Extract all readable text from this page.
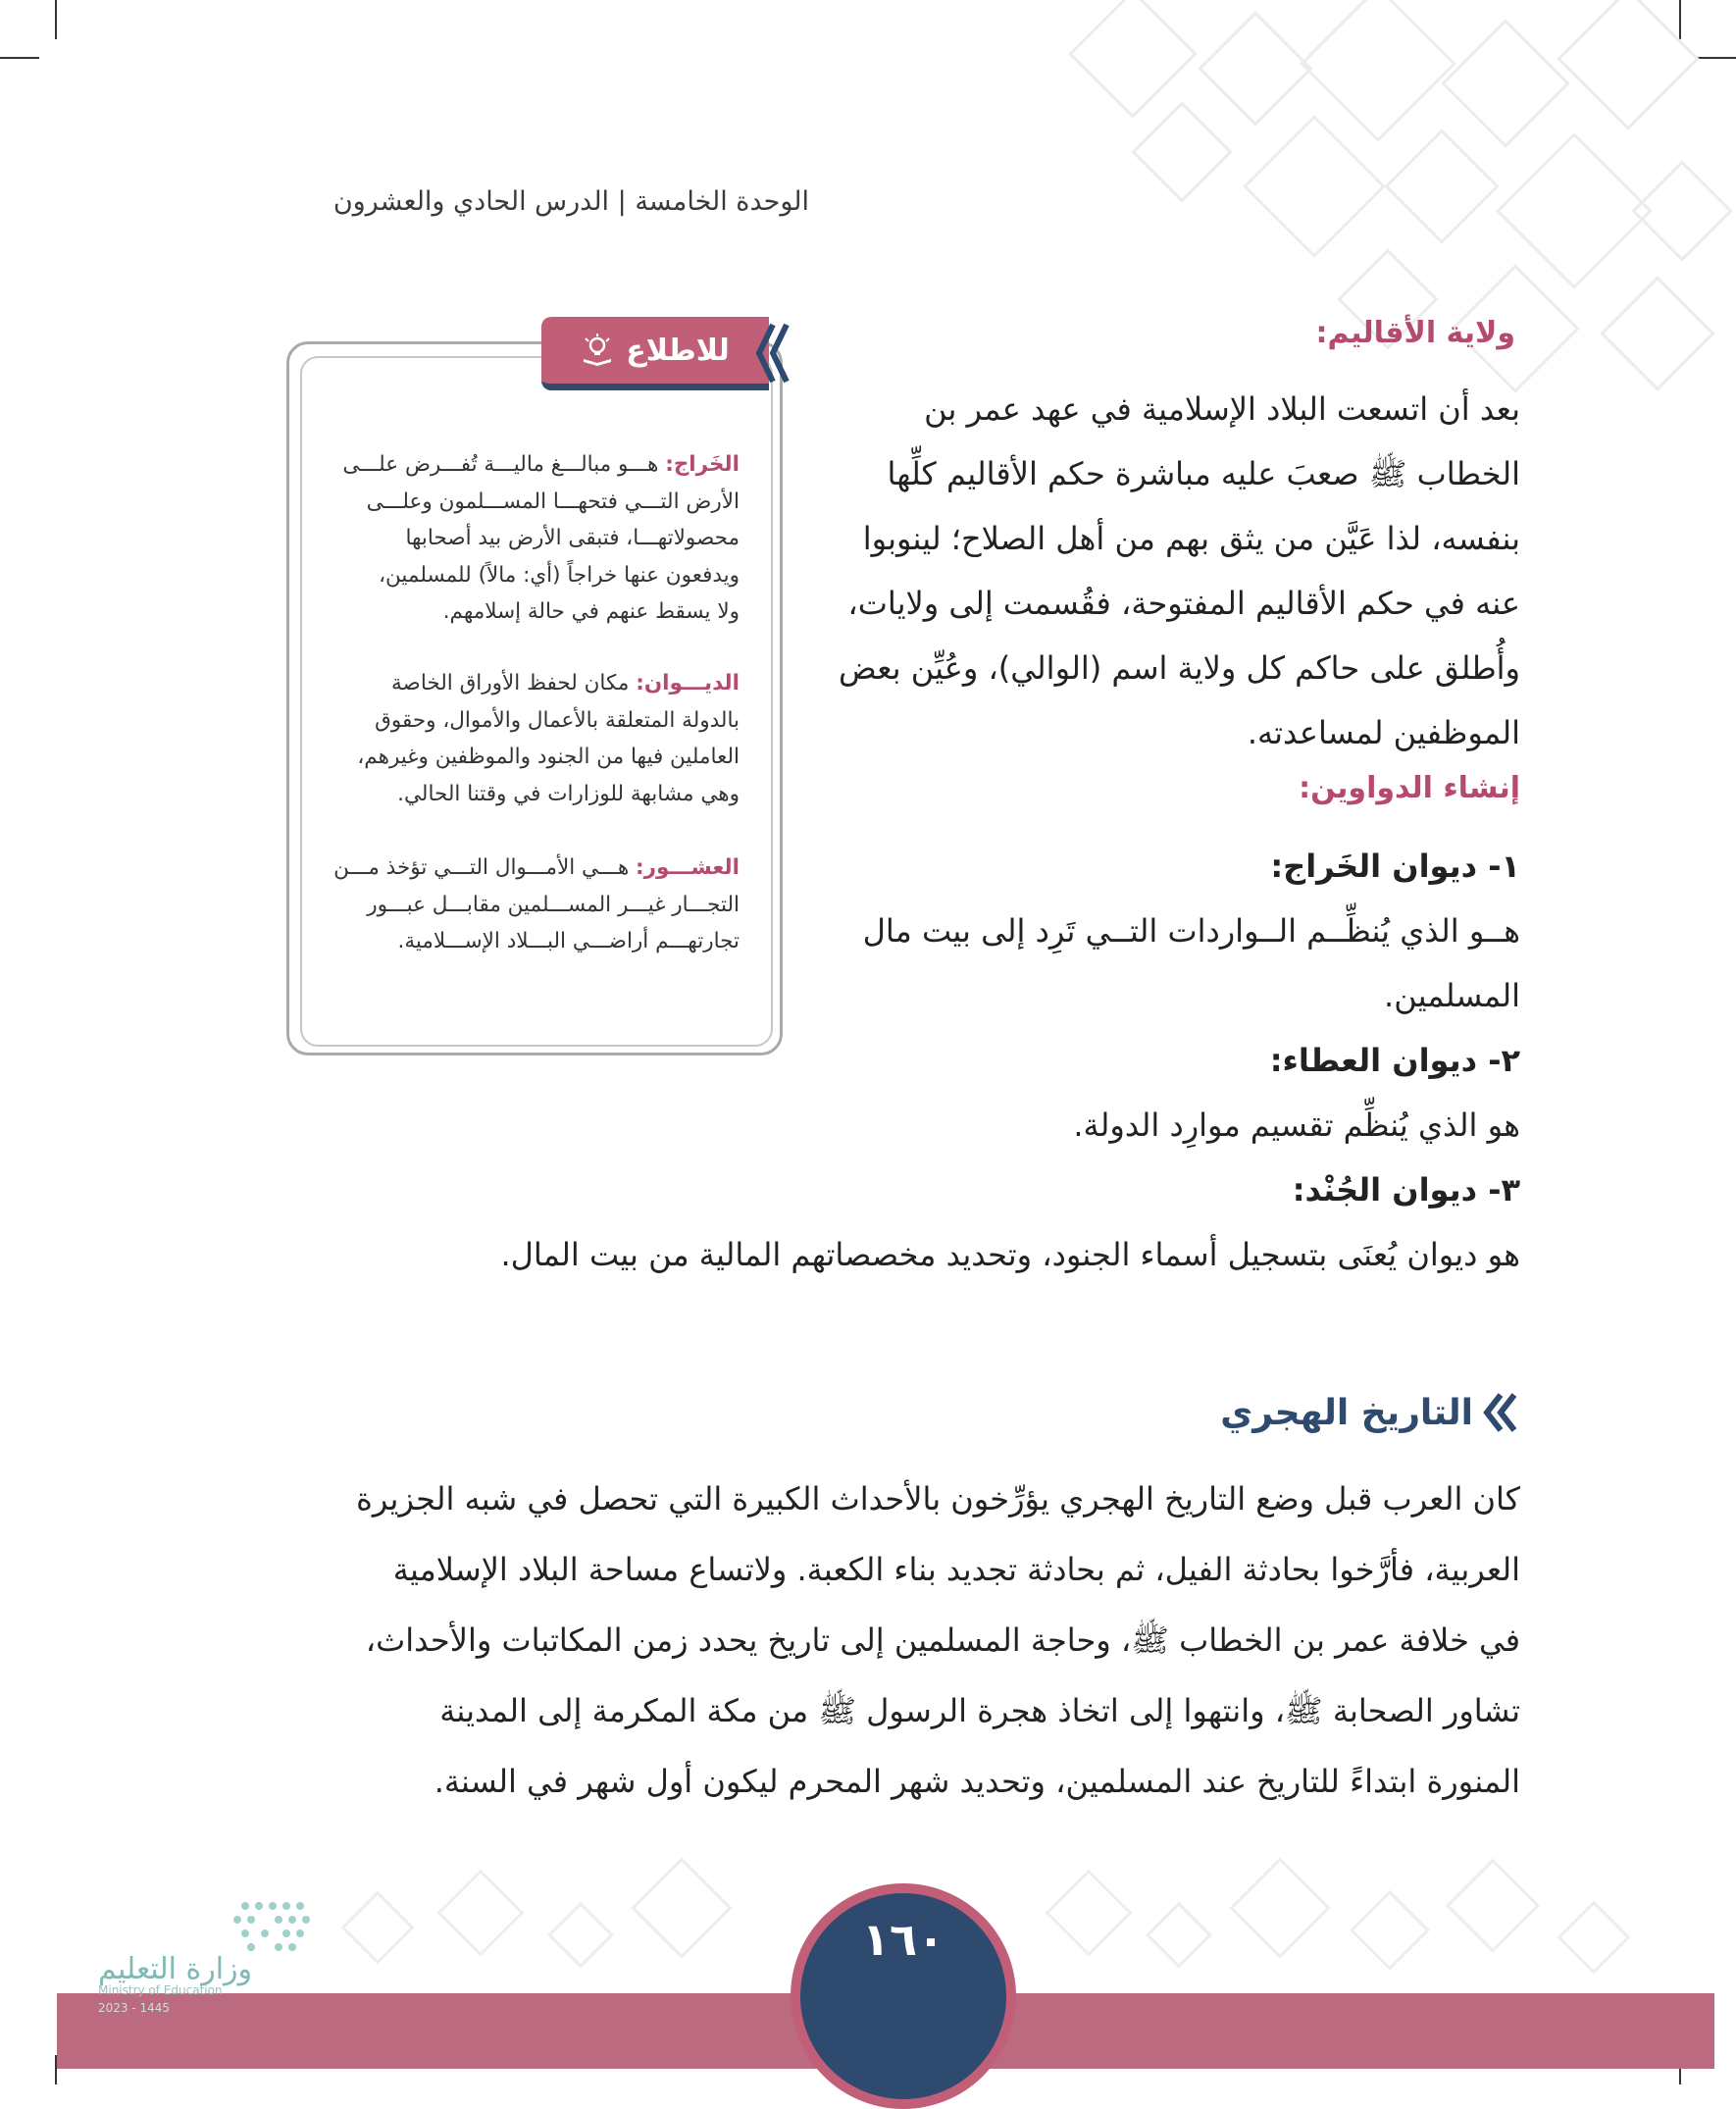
الوحدة الخامسة | الدرس الحادي والعشرون
للاطلاع
الخَراج: هـــو مبالـــغ ماليـــة تُفـــرض علـــى
الأرض التـــي فتحهـــا المســـلمون وعلـــى
محصولاتهـــا، فتبقى الأرض بيد أصحابها
ويدفعون عنها خراجاً (أي: مالاً) للمسلمين،
ولا يسقط عنهم في حالة إسلامهم.
الديـــوان: مكان لحفظ الأوراق الخاصة
بالدولة المتعلقة بالأعمال والأموال، وحقوق
العاملين فيها من الجنود والموظفين وغيرهم،
وهي مشابهة للوزارات في وقتنا الحالي.
العشـــور: هـــي الأمـــوال التـــي تؤخذ مـــن
التجـــار غيـــر المســـلمين مقابـــل عبـــور
تجارتهـــم أراضـــي البـــلاد الإســـلامية.
ولاية الأقاليم:
بعد أن اتسعت البلاد الإسلامية في عهد عمر بن
الخطاب ﷺ صعبَ عليه مباشرة حكم الأقاليم كلِّها
بنفسه، لذا عَيَّن من يثق بهم من أهل الصلاح؛ لينوبوا
عنه في حكم الأقاليم المفتوحة، فقُسمت إلى ولايات،
وأُطلق على حاكم كل ولاية اسم (الوالي)، وعُيِّن بعض
الموظفين لمساعدته.
إنشاء الدواوين:
١- ديوان الخَراج:
هــو الذي يُنظِّــم الــواردات التــي تَرِد إلى بيت مال
المسلمين.
٢- ديوان العطاء:
هو الذي يُنظِّم تقسيم موارِد الدولة.
٣- ديوان الجُنْد:
هو ديوان يُعنَى بتسجيل أسماء الجنود، وتحديد مخصصاتهم المالية من بيت المال.
التاريخ الهجري
كان العرب قبل وضع التاريخ الهجري يؤرِّخون بالأحداث الكبيرة التي تحصل في شبه الجزيرة
العربية، فأرَّخوا بحادثة الفيل، ثم بحادثة تجديد بناء الكعبة. ولاتساع مساحة البلاد الإسلامية
في خلافة عمر بن الخطاب ﷺ، وحاجة المسلمين إلى تاريخ يحدد زمن المكاتبات والأحداث،
تشاور الصحابة ﷺ، وانتهوا إلى اتخاذ هجرة الرسول ﷺ من مكة المكرمة إلى المدينة
المنورة ابتداءً للتاريخ عند المسلمين، وتحديد شهر المحرم ليكون أول شهر في السنة.
١٦٠
وزارة التعليم
Ministry of Education
2023 - 1445
